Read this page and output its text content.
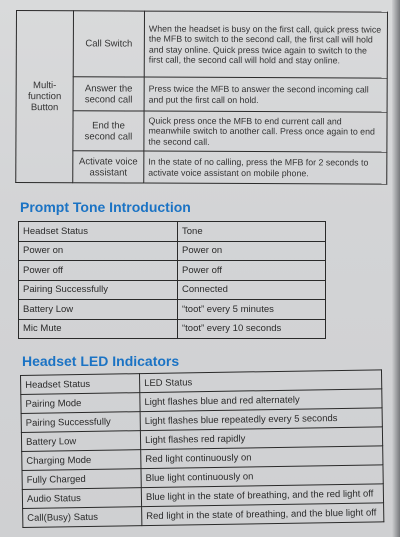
Multi-function Button	Call Switch	When the headset is busy on the first call, quick press twice the MFB to switch to the second call, the first call will hold and stay online. Quick press twice again to switch to the first call, the second call will hold and stay online.
	Answer the second call	Press twice the MFB to answer the second incoming call and put the first call on hold.
	End the second call	Quick press once the MFB to end current call and meanwhile switch to another call. Press once again to end the second call.
	Activate voice assistant	In the state of no calling, press the MFB for 2 seconds to activate voice assistant on mobile phone.
Prompt Tone Introduction
Headset Status	Tone
Power on	Power on
Power off	Power off
Pairing Successfully	Connected
Battery Low	“toot” every 5 minutes
Mic Mute	“toot” every 10 seconds
Headset LED Indicators
Headset Status	LED Status
Pairing Mode	Light flashes blue and red alternately
Pairing Successfully	Light flashes blue repeatedly every 5 seconds
Battery Low	Light flashes red rapidly
Charging Mode	Red light continuously on
Fully Charged	Blue light continuously on
Audio Status	Blue light in the state of breathing, and the red light off
Call(Busy) Satus	Red light in the state of breathing, and the blue light off
